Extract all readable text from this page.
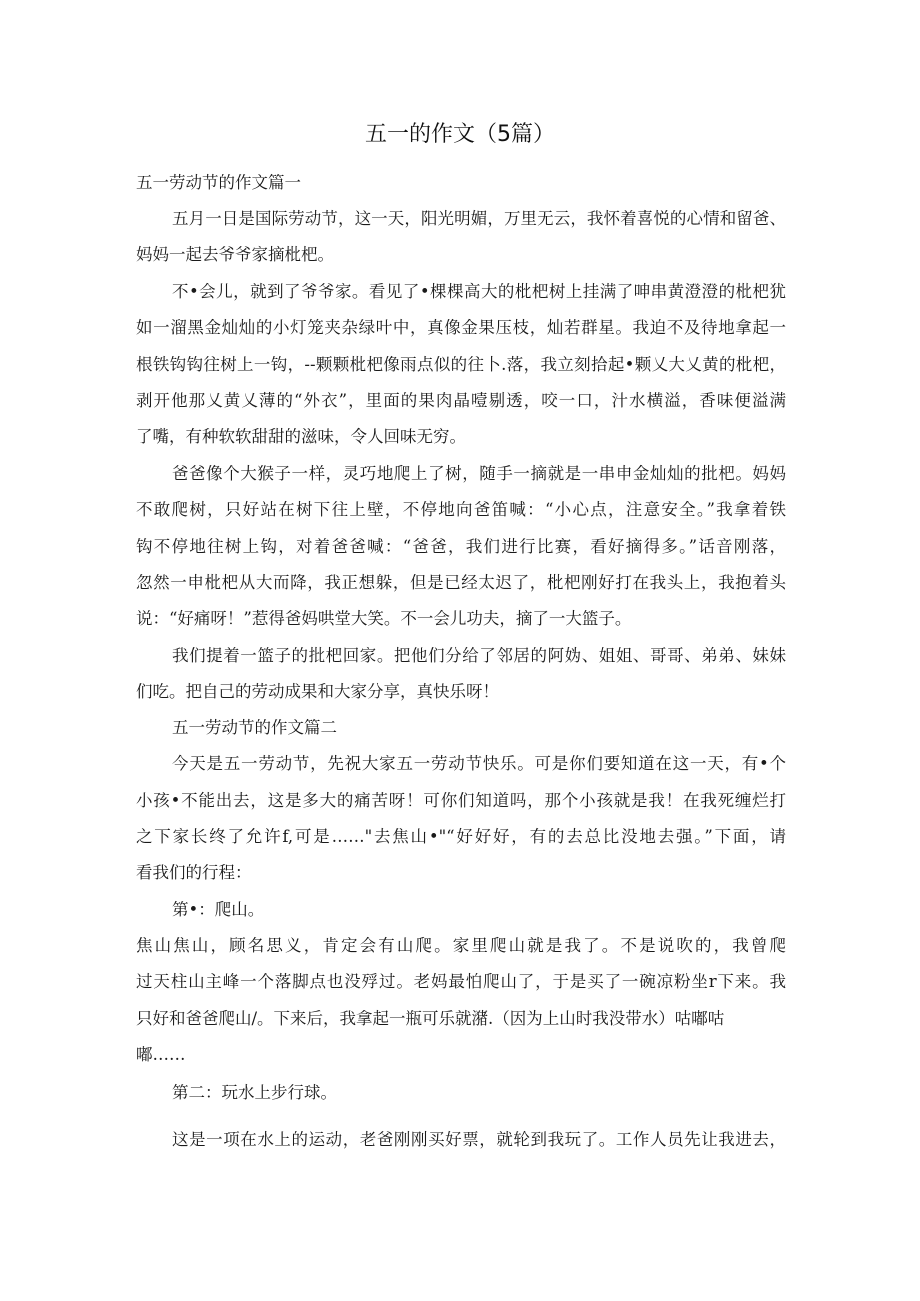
五一的作文（5篇）
五一劳动节的作文篇一
五月一日是国际劳动节，这一天，阳光明媚，万里无云，我怀着喜悦的心情和留爸、
妈妈一起去爷爷家摘枇杷。
不•会儿，就到了爷爷家。看见了•棵棵高大的枇杷树上挂满了呻串黄澄澄的枇杷犹
如一溜黑金灿灿的小灯笼夹杂绿叶中，真像金果压枝，灿若群星。我迫不及待地拿起一
根铁钩钩往树上一钩，--颗颗枇杷像雨点似的往卜.落，我立刻拾起•颗乂大乂黄的枇杷，
剥开他那乂黄乂薄的“外衣”，里面的果肉晶噎剔透，咬一口，汁水横溢，香味便溢满
了嘴，有种软软甜甜的滋味，令人回味无穷。
爸爸像个大猴子一样，灵巧地爬上了树，随手一摘就是一串申金灿灿的批杷。妈妈
不敢爬树，只好站在树下往上壁，不停地向爸笛喊：“小心点，注意安全。”我拿着铁
钩不停地往树上钩，对着爸爸喊：“爸爸，我们进行比赛，看好摘得多。”话音刚落，
忽然一申枇杷从大而降，我正想躲，但是已经太迟了，枇杷刚好打在我头上，我抱着头
说：“好痛呀！”惹得爸妈哄堂大笑。不一会儿功夫，摘了一大篮子。
我们提着一篮子的批杷回家。把他们分给了邻居的阿妫、姐姐、哥哥、弟弟、妹妹
们吃。把自己的劳动成果和大家分享，真快乐呀！
五一劳动节的作文篇二
今天是五一劳动节，先祝大家五一劳动节快乐。可是你们要知道在这一天，有•个
小孩•不能出去，这是多大的痛苦呀！可你们知道吗，那个小孩就是我！在我死缠烂打
之下家长终了允许f,可是……"去焦山•"“好好好，有的去总比没地去强。”下面，请
看我们的行程：
第•：爬山。
焦山焦山，顾名思义，肯定会有山爬。家里爬山就是我了。不是说吹的，我曾爬
过天柱山主峰一个落脚点也没殍过。老妈最怕爬山了，于是买了一碗凉粉坐r下来。我
只好和爸爸爬山/。下来后，我拿起一瓶可乐就潴.（因为上山时我没带水）咕嘟咕
嘟……
第二：玩水上步行球。
这是一项在水上的运动，老爸刚刚买好票，就轮到我玩了。工作人员先让我进去，
